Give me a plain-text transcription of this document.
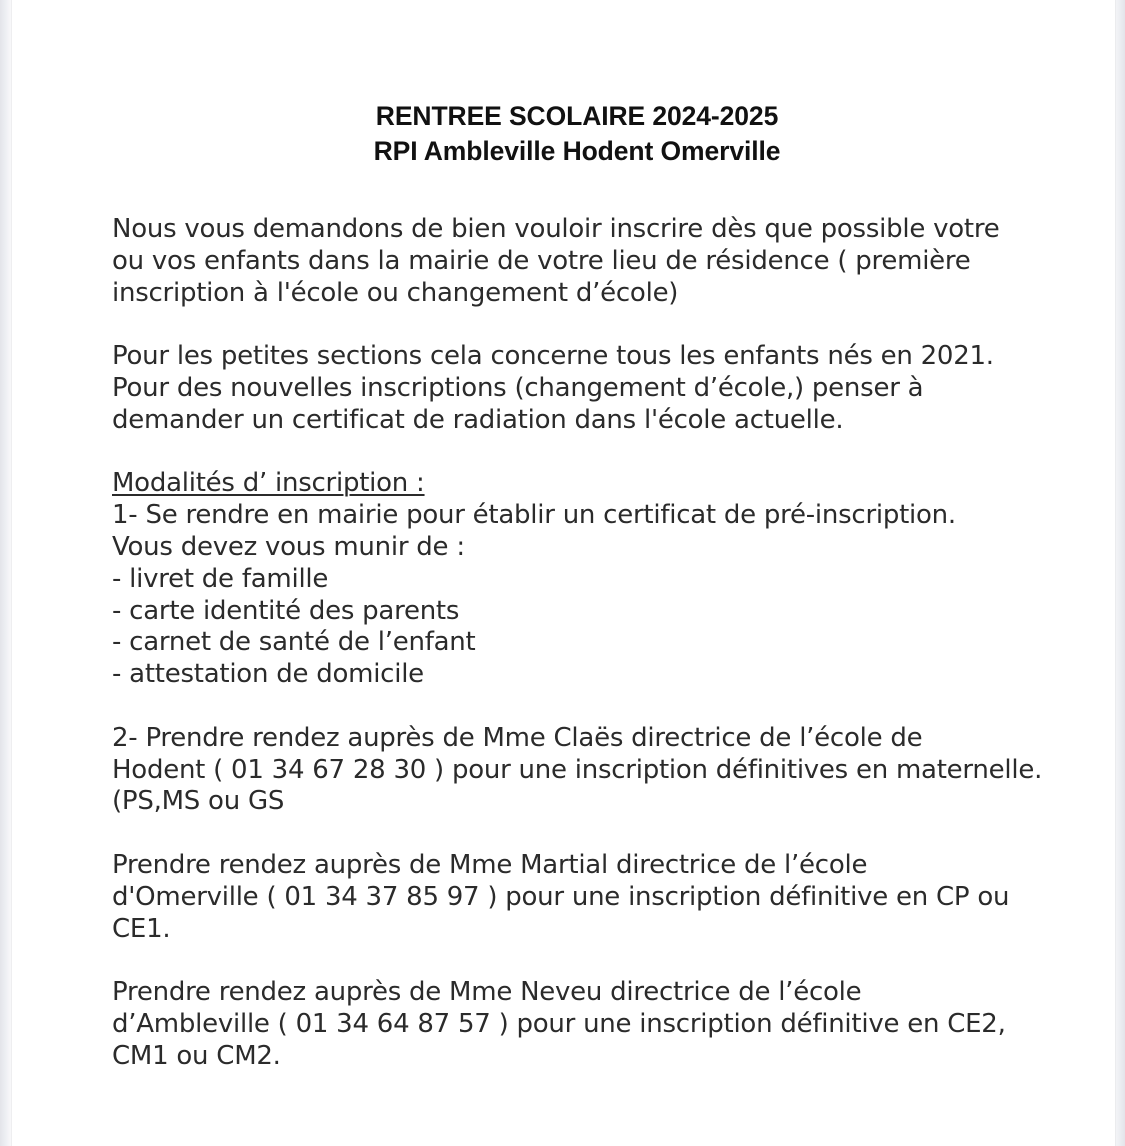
RENTREE SCOLAIRE 2024-2025
RPI Ambleville Hodent Omerville

Nous vous demandons de bien vouloir inscrire dès que possible votre
ou vos enfants dans la mairie de votre lieu de résidence ( première
inscription à l'école ou changement d’école)

Pour les petites sections cela concerne tous les enfants nés en 2021.
Pour des nouvelles inscriptions (changement d’école,) penser à
demander un certificat de radiation dans l'école actuelle.

Modalités d’ inscription :
1- Se rendre en mairie pour établir un certificat de pré-inscription.
Vous devez vous munir de :
- livret de famille
- carte identité des parents
- carnet de santé de l’enfant
- attestation de domicile

2- Prendre rendez auprès de Mme Claës directrice de l’école de
Hodent ( 01 34 67 28 30 ) pour une inscription définitives en maternelle.
(PS,MS ou GS

Prendre rendez auprès de Mme Martial directrice de l’école
d'Omerville ( 01 34 37 85 97 ) pour une inscription définitive en CP ou
CE1.

Prendre rendez auprès de Mme Neveu directrice de l’école
d’Ambleville ( 01 34 64 87 57 ) pour une inscription définitive en CE2,
CM1 ou CM2.
